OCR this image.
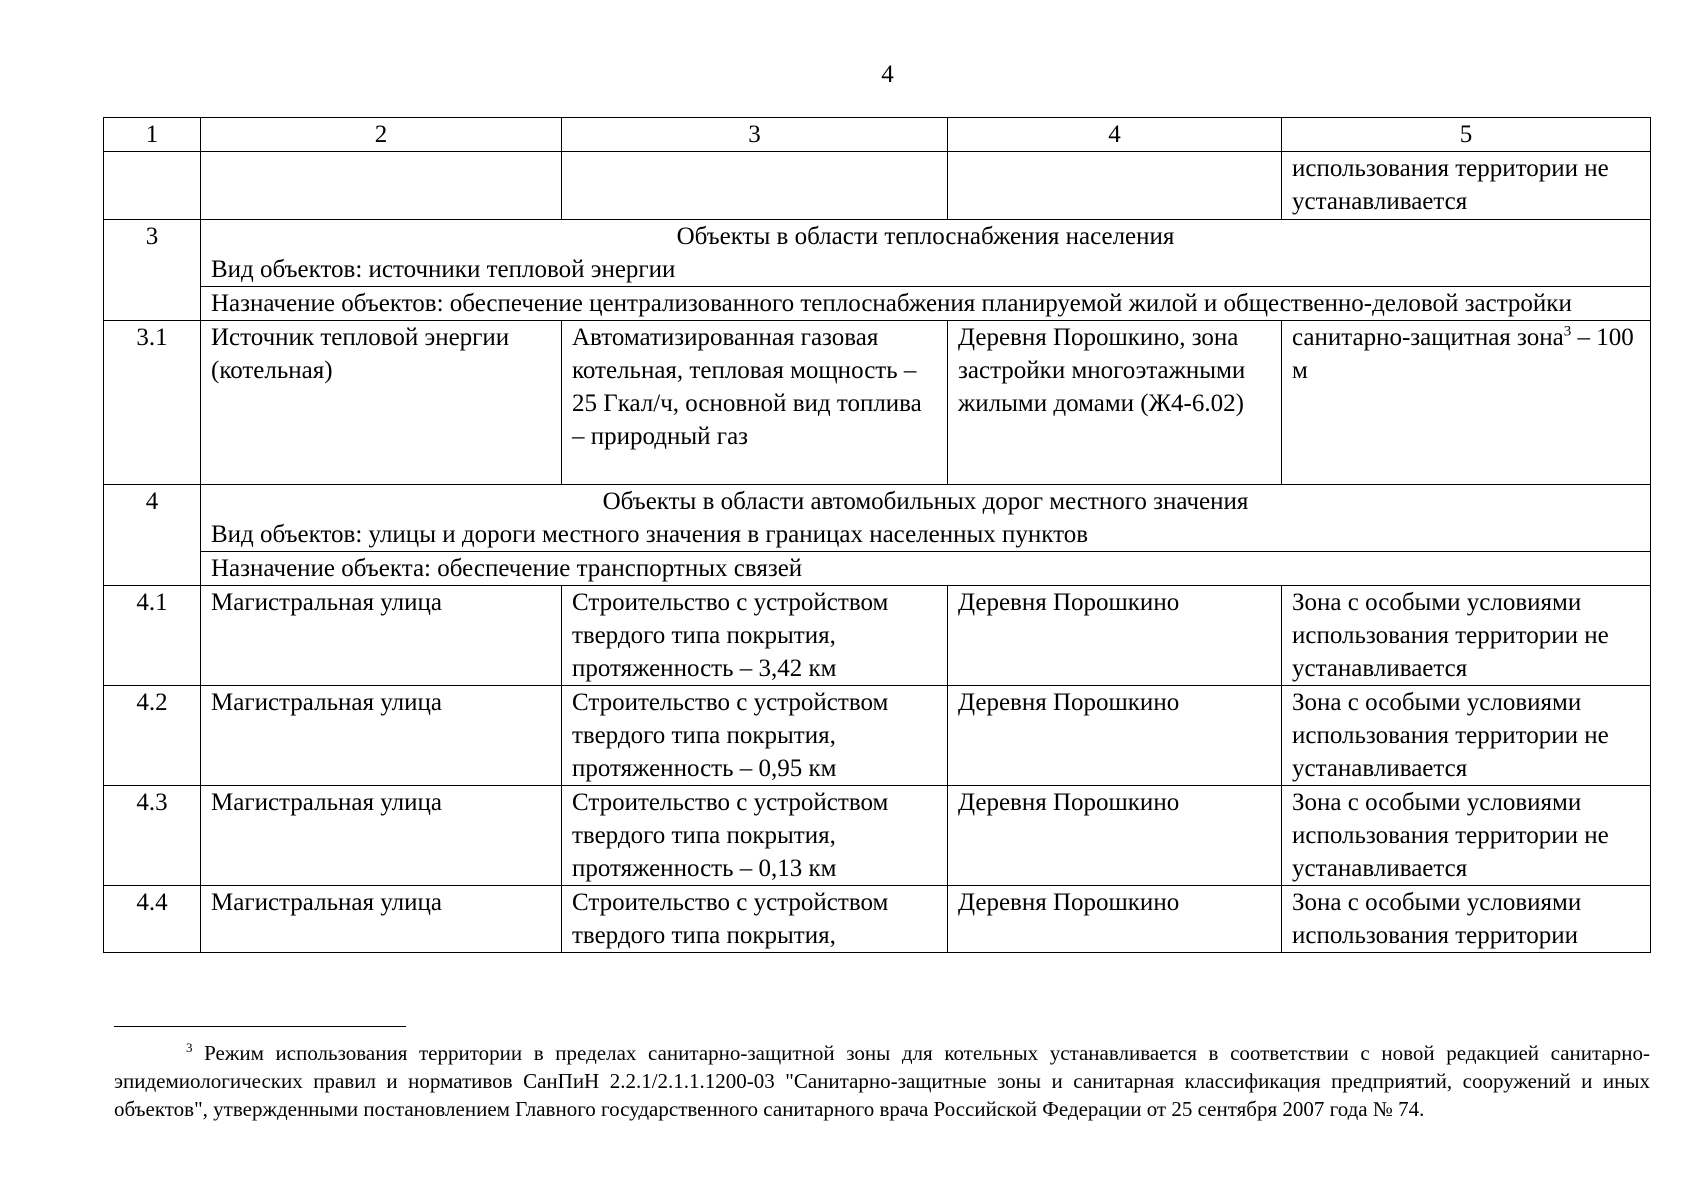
4
1	2	3	4	5
				использования территории не устанавливается
3	Объекты в области теплоснабжения населения
Вид объектов: источники тепловой энергии			

	Назначение объектов: обеспечение централизованного теплоснабжения планируемой жилой и общественно-деловой застройки			
3.1	Источник тепловой энергии (котельная)	Автоматизированная газовая котельная, тепловая мощность – 25 Гкал/ч, основной вид топлива – природный газ	Деревня Порошкино, зона застройки многоэтажными жилыми домами (Ж4-6.02)	санитарно-защитная зона$^3$ – 100 м
4	Объекты в области автомобильных дорог местного значения
Вид объектов: улицы и дороги местного значения в границах населенных пунктов			

	Назначение объекта: обеспечение транспортных связей			
4.1	Магистральная улица	Строительство с устройством твердого типа покрытия, протяженность – 3,42 км	Деревня Порошкино	Зона с особыми условиями использования территории не устанавливается
4.2	Магистральная улица	Строительство с устройством твердого типа покрытия, протяженность – 0,95 км	Деревня Порошкино	Зона с особыми условиями использования территории не устанавливается
4.3	Магистральная улица	Строительство с устройством твердого типа покрытия, протяженность – 0,13 км	Деревня Порошкино	Зона с особыми условиями использования территории не устанавливается
4.4	Магистральная улица	Строительство с устройством твердого типа покрытия,	Деревня Порошкино	Зона с особыми условиями использования территории
$^3$ Режим использования территории в пределах санитарно-защитной зоны для котельных устанавливается в соответствии с новой редакцией санитарно-эпидемиологических правил и нормативов СанПиН 2.2.1/2.1.1.1200-03 "Санитарно-защитные зоны и санитарная классификация предприятий, сооружений и иных объектов", утвержденными постановлением Главного государственного санитарного врача Российской Федерации от 25 сентября 2007 года № 74.
